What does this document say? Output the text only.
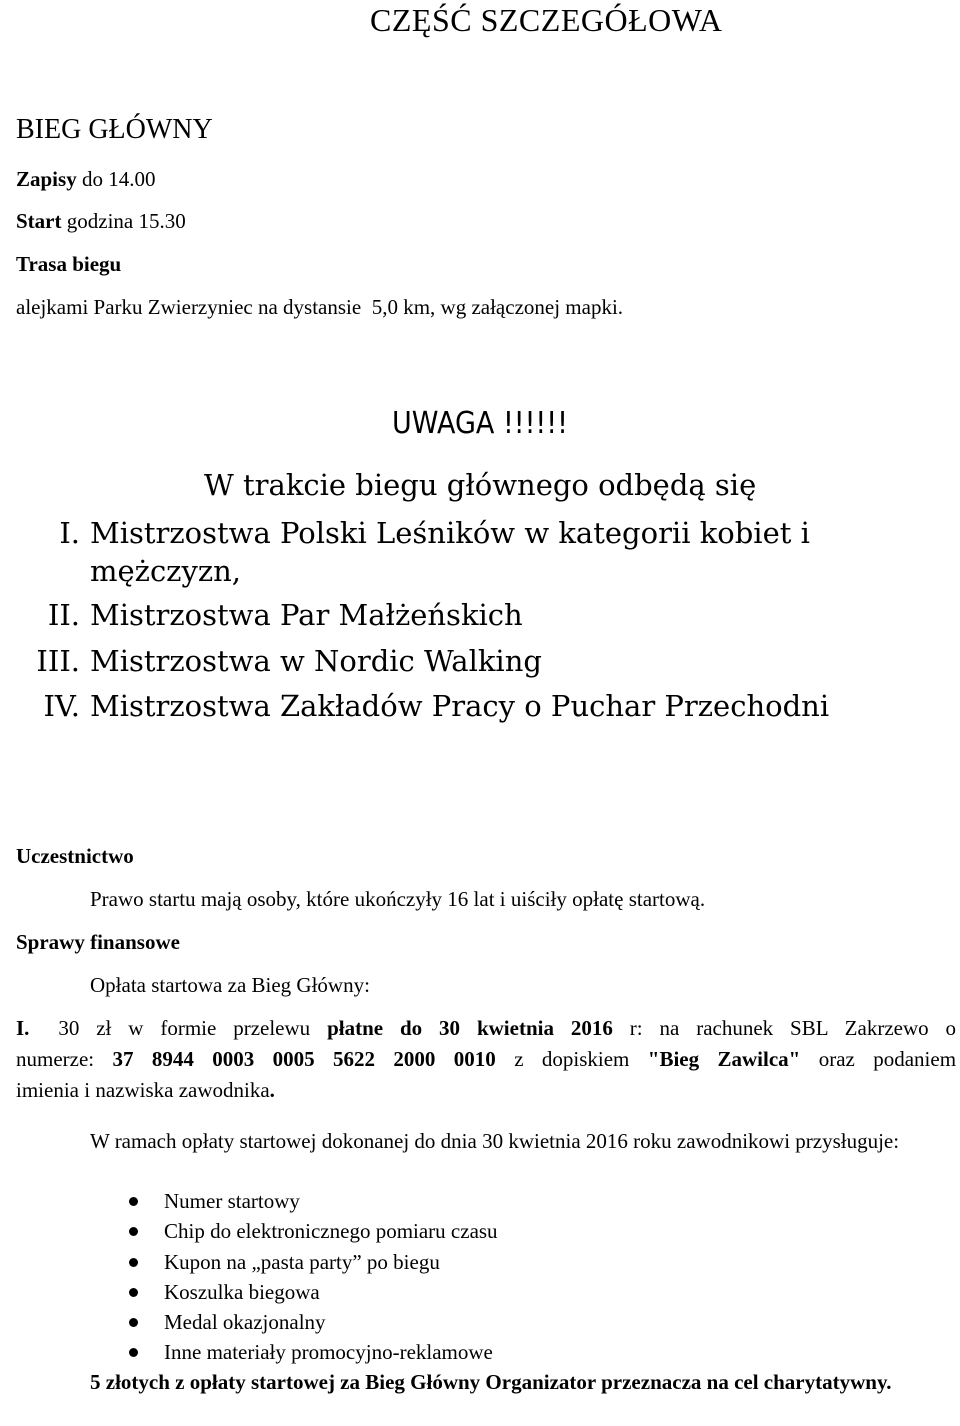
CZĘŚĆ SZCZEGÓŁOWA
BIEG GŁÓWNY
Zapisy do 14.00
Start godzina 15.30
Trasa biegu
alejkami Parku Zwierzyniec na dystansie  5,0 km, wg załączonej mapki.
UWAGA !!!!!!
W trakcie biegu głównego odbędą się
I. Mistrzostwa Polski Leśników w kategorii kobiet i
mężczyzn,
II. Mistrzostwa Par Małżeńskich
III. Mistrzostwa w Nordic Walking
IV. Mistrzostwa Zakładów Pracy o Puchar Przechodni
Uczestnictwo
Prawo startu mają osoby, które ukończyły 16 lat i uiściły opłatę startową.
Sprawy finansowe
Opłata startowa za Bieg Główny:
I. 30 zł w formie przelewu płatne do 30 kwietnia 2016 r: na rachunek SBL Zakrzewo o
numerze: 37 8944 0003 0005 5622 2000 0010 z dopiskiem "Bieg Zawilca" oraz podaniem
imienia i nazwiska zawodnika.
W ramach opłaty startowej dokonanej do dnia 30 kwietnia 2016 roku zawodnikowi przysługuje:
Numer startowy
Chip do elektronicznego pomiaru czasu
Kupon na „pasta party” po biegu
Koszulka biegowa
Medal okazjonalny
Inne materiały promocyjno-reklamowe
5 złotych z opłaty startowej za Bieg Główny Organizator przeznacza na cel charytatywny.
